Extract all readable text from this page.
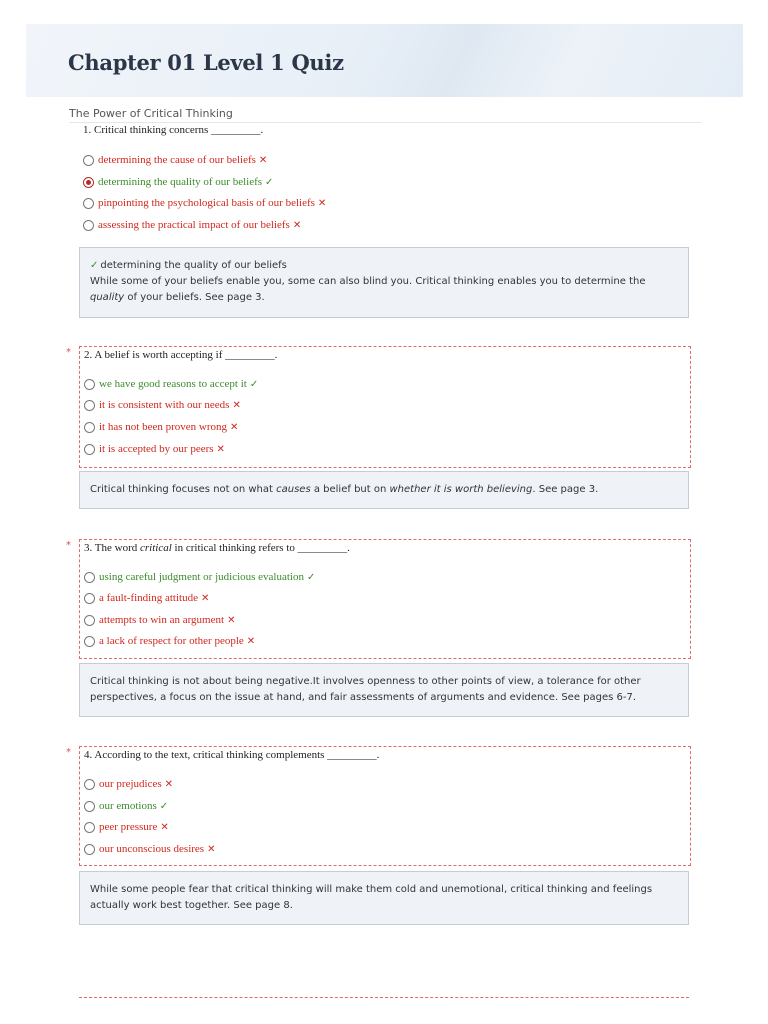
Chapter 01 Level 1 Quiz
The Power of Critical Thinking
1. Critical thinking concerns _________.
determining the cause of our beliefs ✕
determining the quality of our beliefs ✓
pinpointing the psychological basis of our beliefs ✕
assessing the practical impact of our beliefs ✕
✓ determining the quality of our beliefs
While some of your beliefs enable you, some can also blind you. Critical thinking enables you to determine the quality of your beliefs. See page 3.
* 2. A belief is worth accepting if _________.
we have good reasons to accept it ✓
it is consistent with our needs ✕
it has not been proven wrong ✕
it is accepted by our peers ✕
Critical thinking focuses not on what causes a belief but on whether it is worth believing. See page 3.
* 3. The word critical in critical thinking refers to _________.
using careful judgment or judicious evaluation ✓
a fault-finding attitude ✕
attempts to win an argument ✕
a lack of respect for other people ✕
Critical thinking is not about being negative.It involves openness to other points of view, a tolerance for other perspectives, a focus on the issue at hand, and fair assessments of arguments and evidence. See pages 6-7.
* 4. According to the text, critical thinking complements _________.
our prejudices ✕
our emotions ✓
peer pressure ✕
our unconscious desires ✕
While some people fear that critical thinking will make them cold and unemotional, critical thinking and feelings actually work best together. See page 8.
